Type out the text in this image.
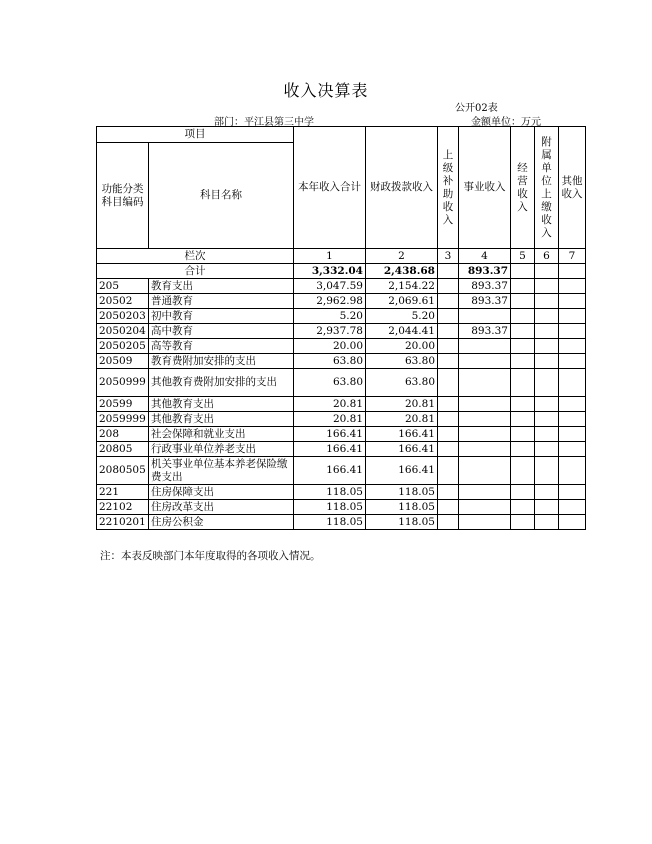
收入决算表
公开02表
部门：平江县第三中学	金额单位：万元
项目		本年收入合计	财政拨款收入	上级补助收入	事业收入	经营收入	附属单位上缴收入	其他收入
功能分类科目编码	科目名称							
栏次		1	2	3	4	5	6	7
合计		3,332.04	2,438.68		893.37			
205	教育支出	3,047.59	2,154.22		893.37			
20502	普通教育	2,962.98	2,069.61		893.37			
2050203	初中教育	5.20	5.20					
2050204	高中教育	2,937.78	2,044.41		893.37			
2050205	高等教育	20.00	20.00					
20509	教育费附加安排的支出	63.80	63.80					
2050999	其他教育费附加安排的支出	63.80	63.80					
20599	其他教育支出	20.81	20.81					
2059999	其他教育支出	20.81	20.81					
208	社会保障和就业支出	166.41	166.41					
20805	行政事业单位养老支出	166.41	166.41					
2080505	机关事业单位基本养老保险缴费支出	166.41	166.41					
221	住房保障支出	118.05	118.05					
22102	住房改革支出	118.05	118.05					
2210201	住房公积金	118.05	118.05					
注：本表反映部门本年度取得的各项收入情况。
